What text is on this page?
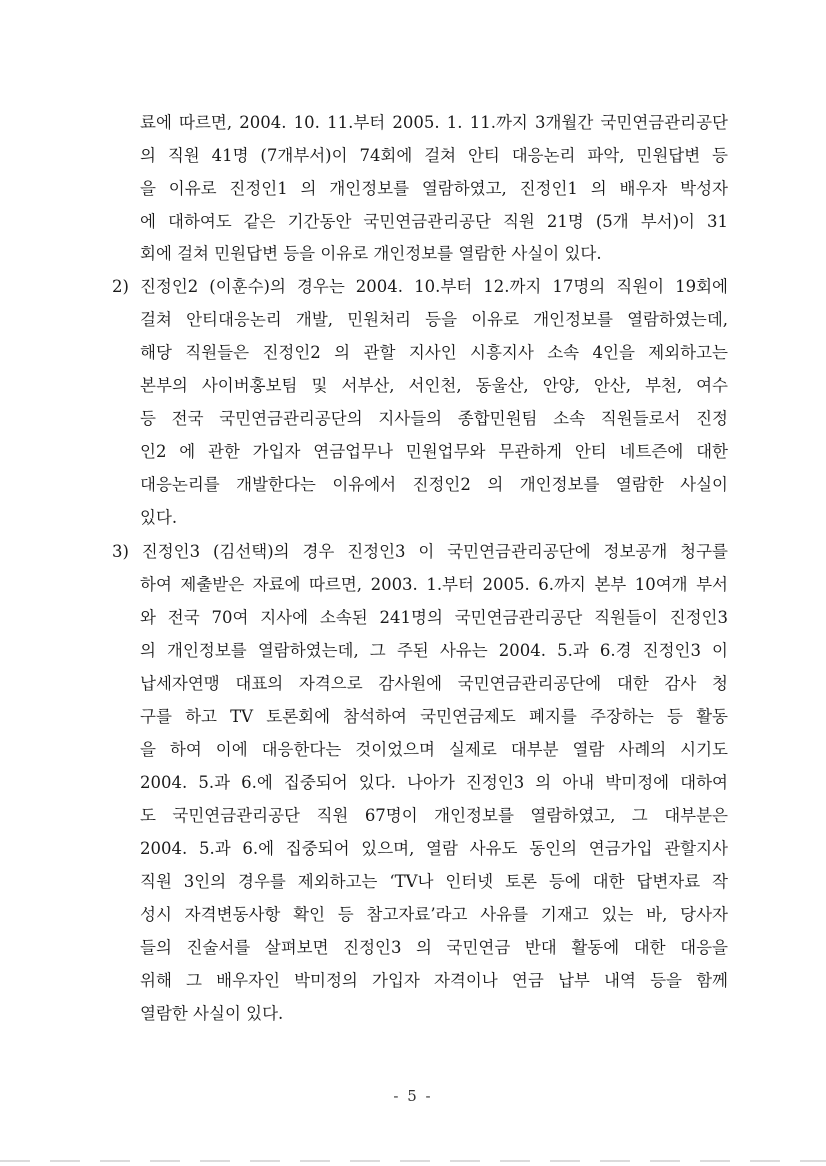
료에 따르면, 2004. 10. 11.부터 2005. 1. 11.까지 3개월간 국민연금관리공단
의 직원 41명 (7개부서)이 74회에 걸쳐 안티 대응논리 파악, 민원답변 등
을 이유로 진정인1 의 개인정보를 열람하였고, 진정인1 의 배우자 박성자
에 대하여도 같은 기간동안 국민연금관리공단 직원 21명 (5개 부서)이 31
회에 걸쳐 민원답변 등을 이유로 개인정보를 열람한 사실이 있다.
2) 진정인2 (이훈수)의 경우는 2004. 10.부터 12.까지 17명의 직원이 19회에
걸쳐 안티대응논리 개발, 민원처리 등을 이유로 개인정보를 열람하였는데,
해당 직원들은 진정인2 의 관할 지사인 시흥지사 소속 4인을 제외하고는
본부의 사이버홍보팀 및 서부산, 서인천, 동울산, 안양, 안산, 부천, 여수
등 전국 국민연금관리공단의 지사들의 종합민원팀 소속 직원들로서 진정
인2 에 관한 가입자 연금업무나 민원업무와 무관하게 안티 네트즌에 대한
대응논리를 개발한다는 이유에서 진정인2 의 개인정보를 열람한 사실이
있다.
3) 진정인3 (김선택)의 경우 진정인3 이 국민연금관리공단에 정보공개 청구를
하여 제출받은 자료에 따르면, 2003. 1.부터 2005. 6.까지 본부 10여개 부서
와 전국 70여 지사에 소속된 241명의 국민연금관리공단 직원들이 진정인3
의 개인정보를 열람하였는데, 그 주된 사유는 2004. 5.과 6.경 진정인3 이
납세자연맹 대표의 자격으로 감사원에 국민연금관리공단에 대한 감사 청
구를 하고 TV 토론회에 참석하여 국민연금제도 폐지를 주장하는 등 활동
을 하여 이에 대응한다는 것이었으며 실제로 대부분 열람 사례의 시기도
2004. 5.과 6.에 집중되어 있다. 나아가 진정인3 의 아내 박미정에 대하여
도 국민연금관리공단 직원 67명이 개인정보를 열람하였고, 그 대부분은
2004. 5.과 6.에 집중되어 있으며, 열람 사유도 동인의 연금가입 관할지사
직원 3인의 경우를 제외하고는 ‘TV나 인터넷 토론 등에 대한 답변자료 작
성시 자격변동사항 확인 등 참고자료’라고 사유를 기재고 있는 바, 당사자
들의 진술서를 살펴보면 진정인3 의 국민연금 반대 활동에 대한 대응을
위해 그 배우자인 박미정의 가입자 자격이나 연금 납부 내역 등을 함께
열람한 사실이 있다.
- 5 -
